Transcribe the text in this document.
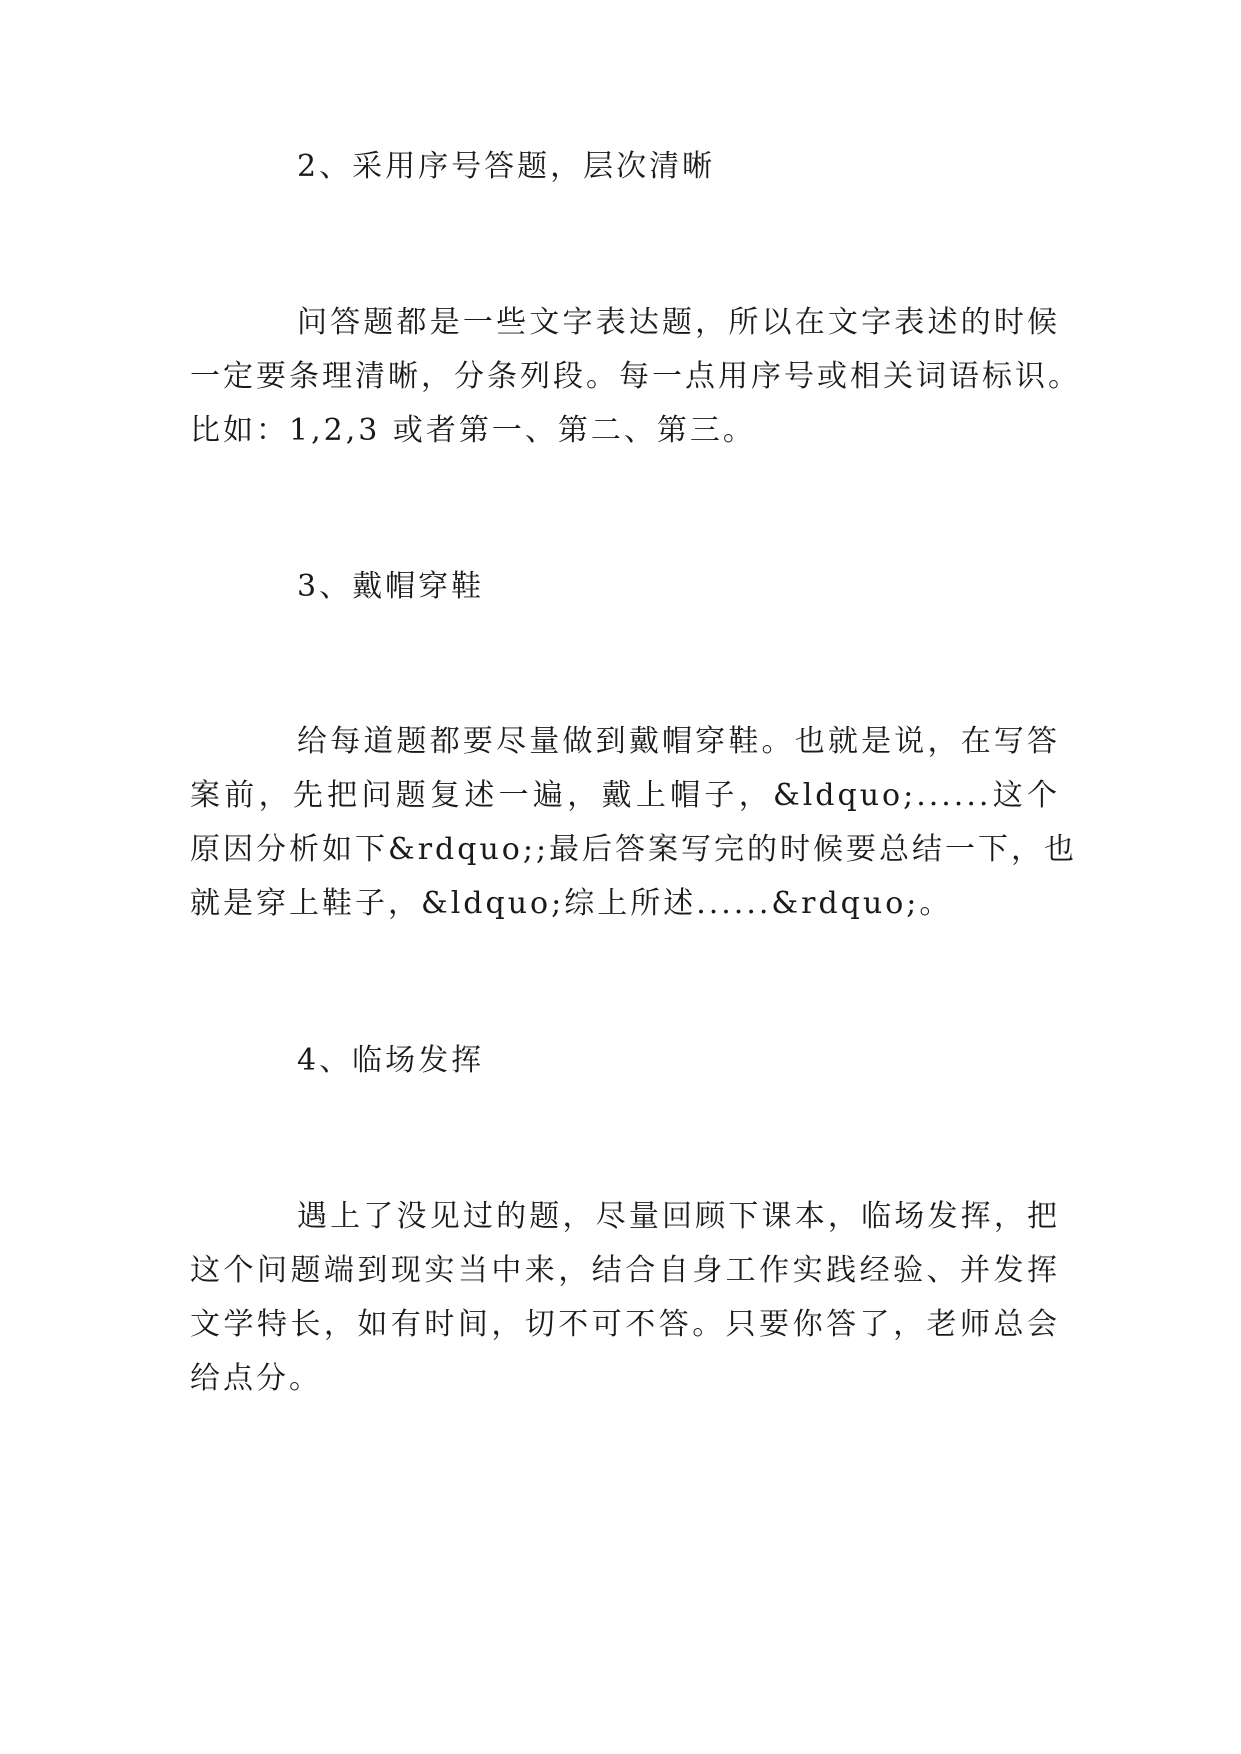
2、采用序号答题，层次清晰
问答题都是一些文字表达题，所以在文字表述的时候
一定要条理清晰，分条列段。每一点用序号或相关词语标识。
比如：1,2,3 或者第一、第二、第三。
3、戴帽穿鞋
给每道题都要尽量做到戴帽穿鞋。也就是说，在写答
案前，先把问题复述一遍，戴上帽子，&ldquo;......这个
原因分析如下&rdquo;;最后答案写完的时候要总结一下，也
就是穿上鞋子，&ldquo;综上所述......&rdquo;。
4、临场发挥
遇上了没见过的题，尽量回顾下课本，临场发挥，把
这个问题端到现实当中来，结合自身工作实践经验、并发挥
文学特长，如有时间，切不可不答。只要你答了，老师总会
给点分。
